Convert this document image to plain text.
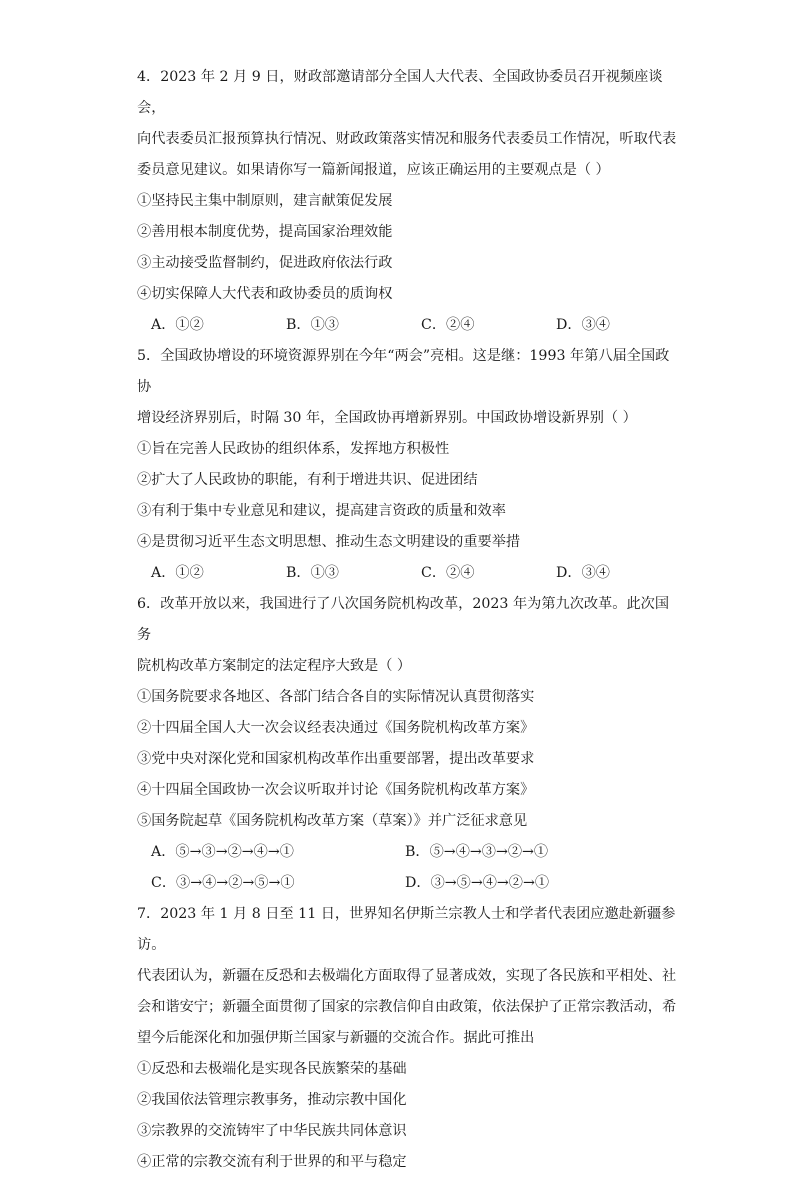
4．2023 年 2 月 9 日，财政部邀请部分全国人大代表、全国政协委员召开视频座谈会，

向代表委员汇报预算执行情况、财政政策落实情况和服务代表委员工作情况，听取代表

委员意见建议。如果请你写一篇新闻报道，应该正确运用的主要观点是（ ）

①坚持民主集中制原则，建言献策促发展

②善用根本制度优势，提高国家治理效能

③主动接受监督制约，促进政府依法行政

④切实保障人大代表和政协委员的质询权

A．①②	B．①③	C．②④	D．③④

5．全国政协增设的环境资源界别在今年“两会”亮相。这是继：1993 年第八届全国政协

增设经济界别后，时隔 30 年，全国政协再增新界别。中国政协增设新界别（ ）

①旨在完善人民政协的组织体系，发挥地方积极性

②扩大了人民政协的职能，有利于增进共识、促进团结

③有利于集中专业意见和建议，提高建言资政的质量和效率

④是贯彻习近平生态文明思想、推动生态文明建设的重要举措

A．①②	B．①③	C．②④	D．③④

6．改革开放以来，我国进行了八次国务院机构改革，2023 年为第九次改革。此次国务

院机构改革方案制定的法定程序大致是（ ）

①国务院要求各地区、各部门结合各自的实际情况认真贯彻落实

②十四届全国人大一次会议经表决通过《国务院机构改革方案》

③党中央对深化党和国家机构改革作出重要部署，提出改革要求

④十四届全国政协一次会议听取并讨论《国务院机构改革方案》

⑤国务院起草《国务院机构改革方案（草案）》并广泛征求意见

A．⑤→③→②→④→①	B．⑤→④→③→②→①
C．③→④→②→⑤→①	D．③→⑤→④→②→①

7．2023 年 1 月 8 日至 11 日，世界知名伊斯兰宗教人士和学者代表团应邀赴新疆参访。

代表团认为，新疆在反恐和去极端化方面取得了显著成效，实现了各民族和平相处、社

会和谐安宁；新疆全面贯彻了国家的宗教信仰自由政策，依法保护了正常宗教活动，希

望今后能深化和加强伊斯兰国家与新疆的交流合作。据此可推出

①反恐和去极端化是实现各民族繁荣的基础

②我国依法管理宗教事务，推动宗教中国化

③宗教界的交流铸牢了中华民族共同体意识

④正常的宗教交流有利于世界的和平与稳定
